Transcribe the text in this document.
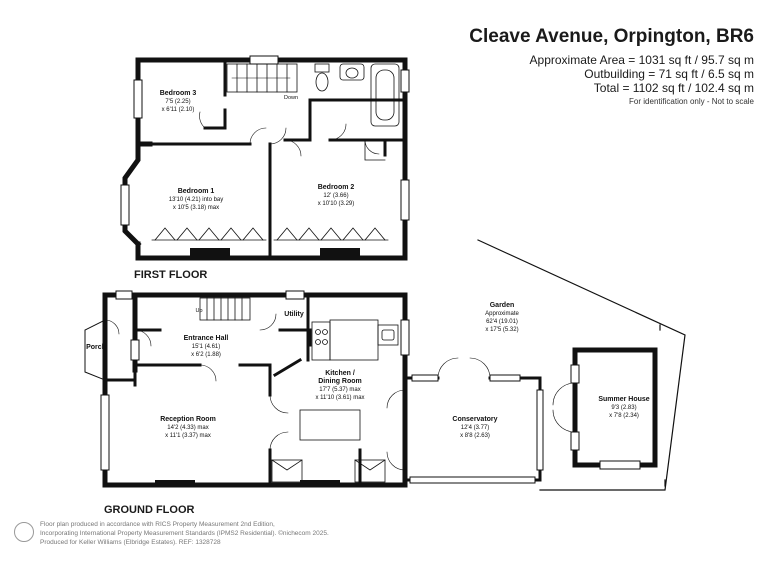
Bedroom 3
7'5 (2.25)
x 6'11 (2.10)
Bedroom 1
13'10 (4.21) into bay
x 10'5 (3.18) max
Bedroom 2
12' (3.66)
x 10'10 (3.29)
Down
Up
Porch
Entrance Hall
15'1 (4.61)
x 6'2 (1.88)
Utility
Kitchen /
Dining Room
17'7 (5.37) max
x 11'10 (3.61) max
Reception Room
14'2 (4.33) max
x 11'1 (3.37) max
Conservatory
12'4 (3.77)
x 8'8 (2.63)
Garden
Approximate
62'4 (19.01)
x 17'5 (5.32)
Summer House
9'3 (2.83)
x 7'8 (2.34)
Cleave Avenue, Orpington, BR6
Approximate Area = 1031 sq ft / 95.7 sq m
Outbuilding = 71 sq ft / 6.5 sq m
Total = 1102 sq ft / 102.4 sq m
For identification only - Not to scale
FIRST FLOOR
GROUND FLOOR
Floor plan produced in accordance with RICS Property Measurement 2nd Edition,
Incorporating International Property Measurement Standards (IPMS2 Residential). ©nichecom 2025.
Produced for Keller Williams (Elbridge Estates). REF: 1328728
